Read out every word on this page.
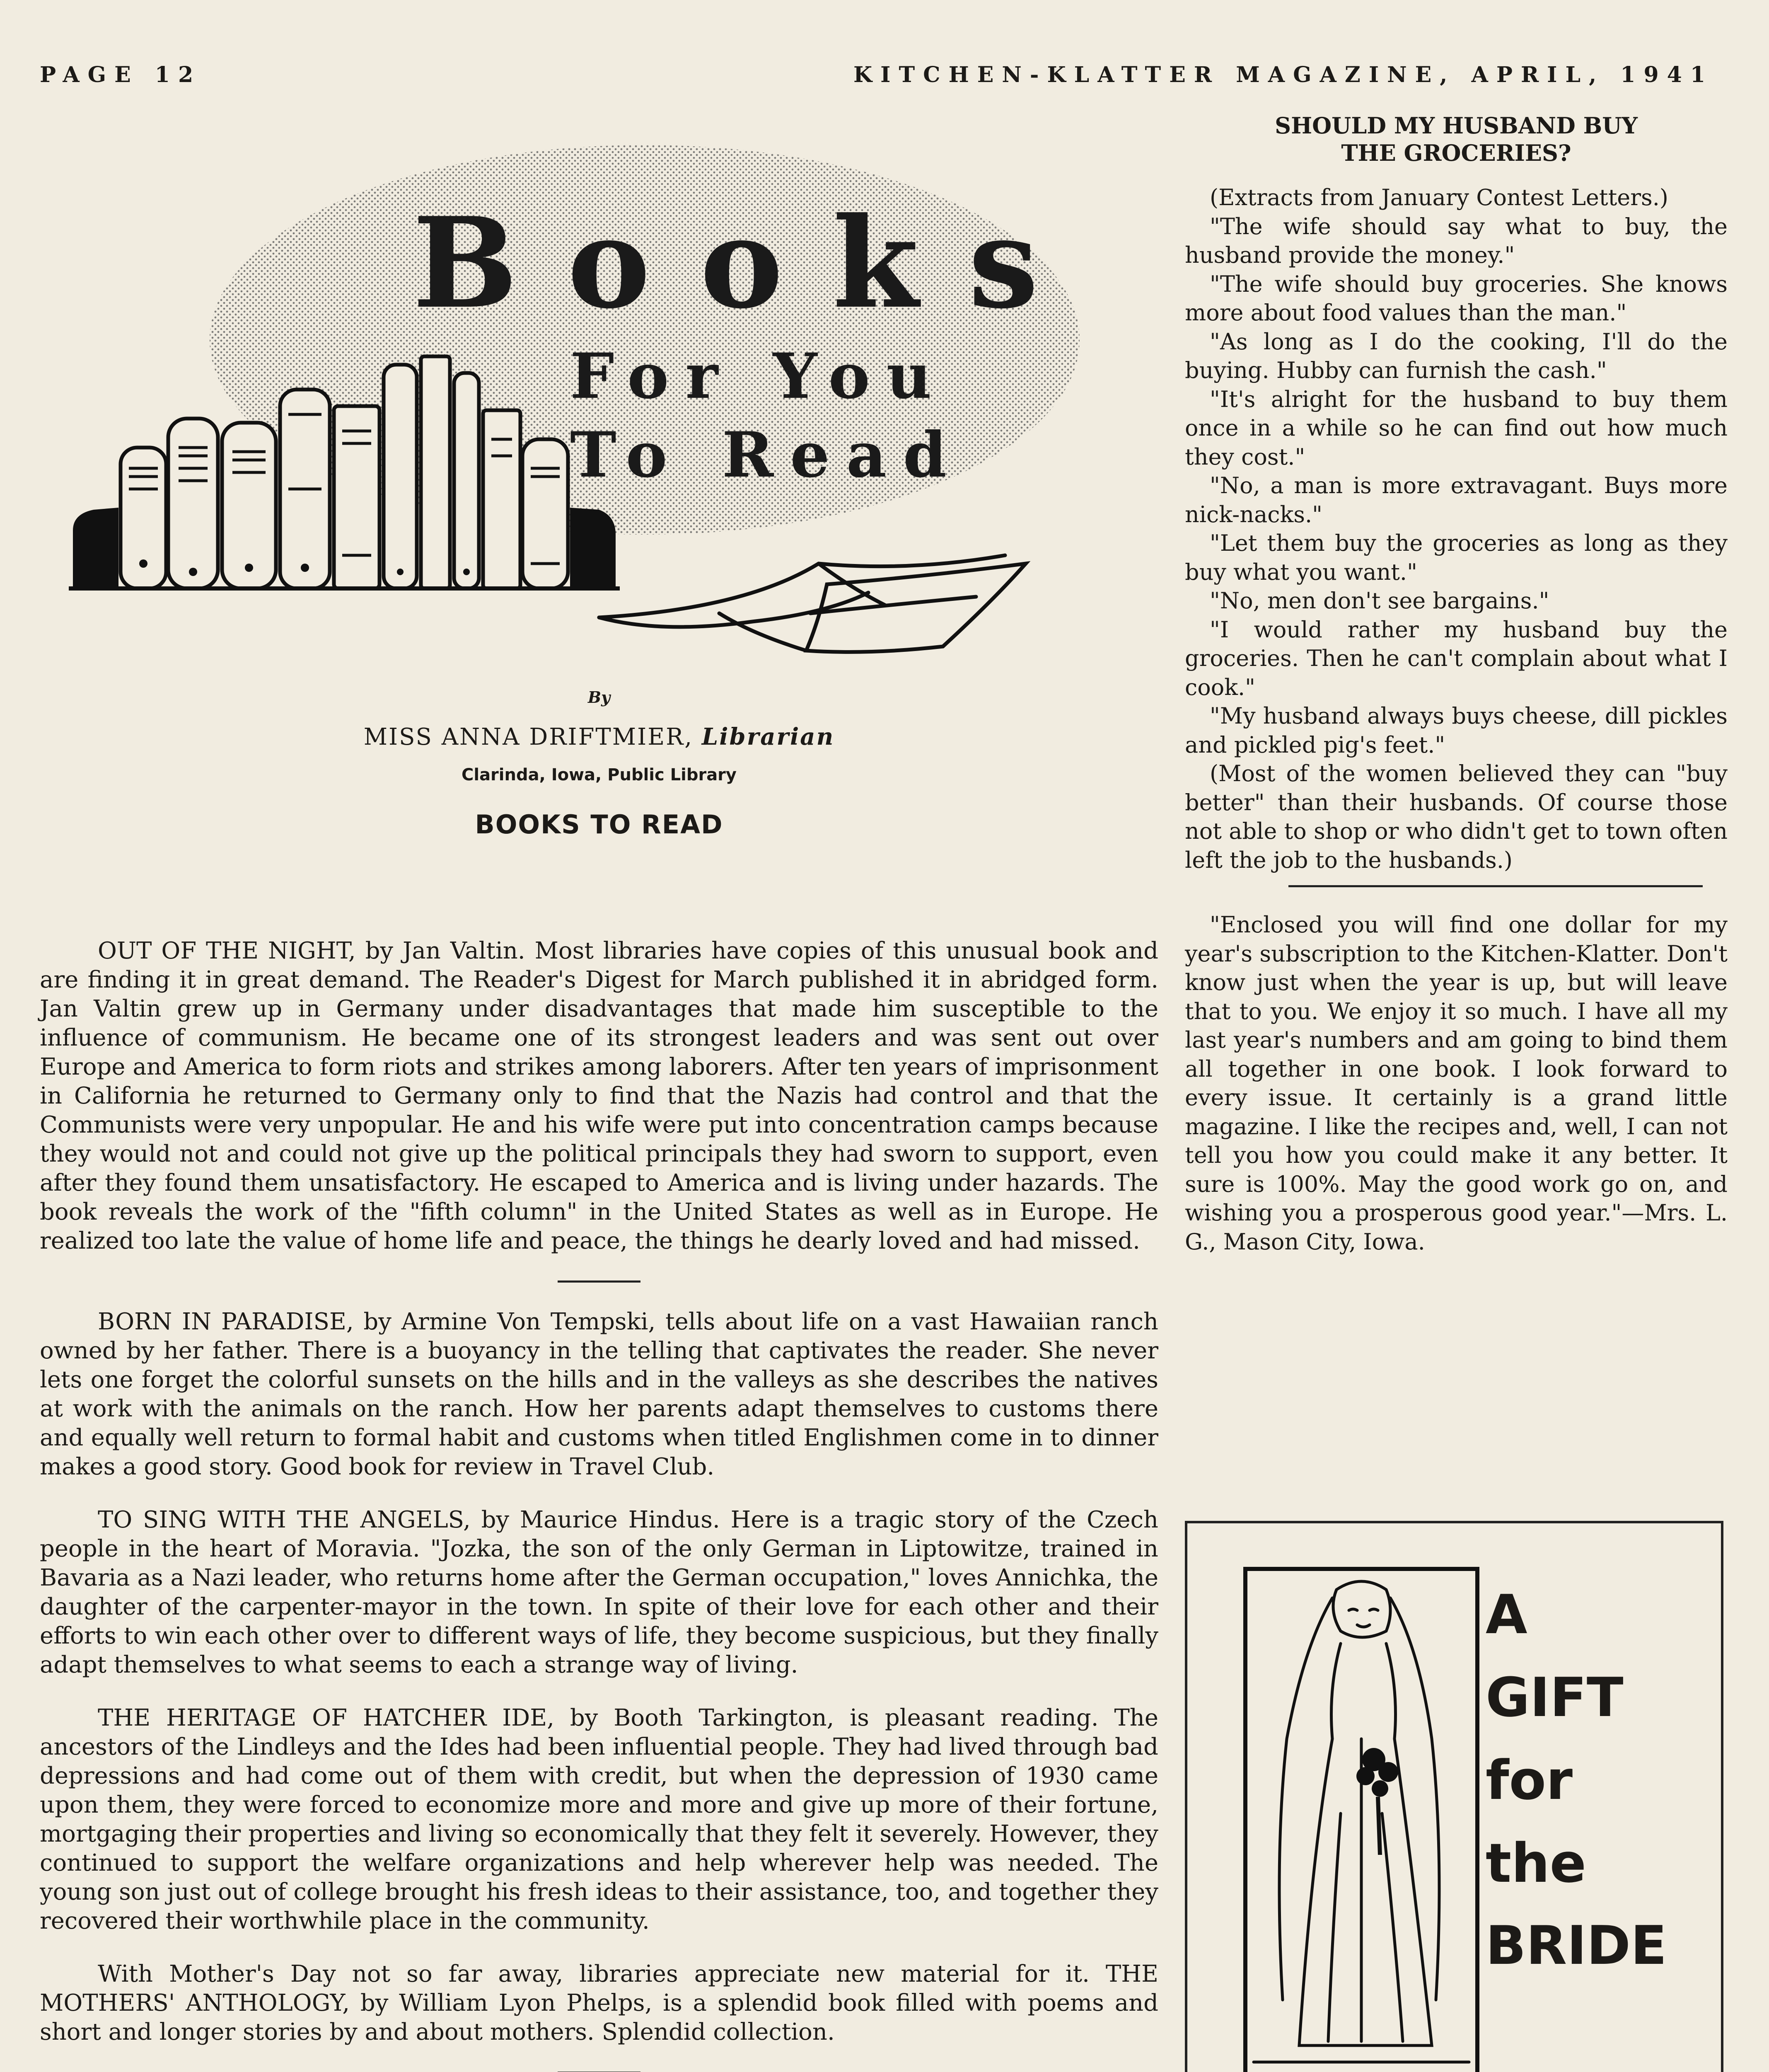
PAGE 12	KITCHEN-KLATTER MAGAZINE, APRIL, 1941
Books
For You
To Read
By
MISS ANNA DRIFTMIER, Librarian
Clarinda, Iowa, Public Library
BOOKS TO READ

OUT OF THE NIGHT, by Jan Valtin. Most libraries have copies of this unusual book and are finding it in great demand. The Reader's Digest for March published it in abridged form. Jan Valtin grew up in Germany under disadvantages that made him susceptible to the influence of communism. He became one of its strongest leaders and was sent out over Europe and America to form riots and strikes among laborers. After ten years of imprisonment in California he returned to Germany only to find that the Nazis had control and that the Communists were very unpopular. He and his wife were put into concentration camps because they would not and could not give up the political principals they had sworn to support, even after they found them unsatisfactory. He escaped to America and is living under hazards. The book reveals the work of the "fifth column" in the United States as well as in Europe. He realized too late the value of home life and peace, the things he dearly loved and had missed.

BORN IN PARADISE, by Armine Von Tempski, tells about life on a vast Hawaiian ranch owned by her father. There is a buoyancy in the telling that captivates the reader. She never lets one forget the colorful sunsets on the hills and in the valleys as she describes the natives at work with the animals on the ranch. How her parents adapt themselves to customs there and equally well return to formal habit and customs when titled Englishmen come in to dinner makes a good story. Good book for review in Travel Club.

TO SING WITH THE ANGELS, by Maurice Hindus. Here is a tragic story of the Czech people in the heart of Moravia. "Jozka, the son of the only German in Liptowitze, trained in Bavaria as a Nazi leader, who returns home after the German occupation," loves Annichka, the daughter of the carpenter-mayor in the town. In spite of their love for each other and their efforts to win each other over to different ways of life, they become suspicious, but they finally adapt themselves to what seems to each a strange way of living.

THE HERITAGE OF HATCHER IDE, by Booth Tarkington, is pleasant reading. The ancestors of the Lindleys and the Ides had been influential people. They had lived through bad depressions and had come out of them with credit, but when the depression of 1930 came upon them, they were forced to economize more and more and give up more of their fortune, mortgaging their properties and living so economically that they felt it severely. However, they continued to support the welfare organizations and help wherever help was needed. The young son just out of college brought his fresh ideas to their assistance, too, and together they recovered their worthwhile place in the community.

With Mother's Day not so far away, libraries appreciate new material for it. THE MOTHERS' ANTHOLOGY, by William Lyon Phelps, is a splendid book filled with poems and short and longer stories by and about mothers. Splendid collection.

SHOULD MY HUSBAND BUY
THE GROCERIES?

(Extracts from January Contest Letters.)

"The wife should say what to buy, the husband provide the money."

"The wife should buy groceries. She knows more about food values than the man."

"As long as I do the cooking, I'll do the buying. Hubby can furnish the cash."

"It's alright for the husband to buy them once in a while so he can find out how much they cost."

"No, a man is more extravagant. Buys more nick-nacks."

"Let them buy the groceries as long as they buy what you want."

"No, men don't see bargains."

"I would rather my husband buy the groceries. Then he can't complain about what I cook."

"My husband always buys cheese, dill pickles and pickled pig's feet."

(Most of the women believed they can "buy better" than their husbands. Of course those not able to shop or who didn't get to town often left the job to the husbands.)

"Enclosed you will find one dollar for my year's subscription to the Kitchen-Klatter. Don't know just when the year is up, but will leave that to you. We enjoy it so much. I have all my last year's numbers and am going to bind them all together in one book. I look forward to every issue. It certainly is a grand little magazine. I like the recipes and, well, I can not tell you how you could make it any better. It sure is 100%. May the good work go on, and wishing you a prosperous good year."—Mrs. L. G., Mason City, Iowa.

A
GIFT
for
the
BRIDE
